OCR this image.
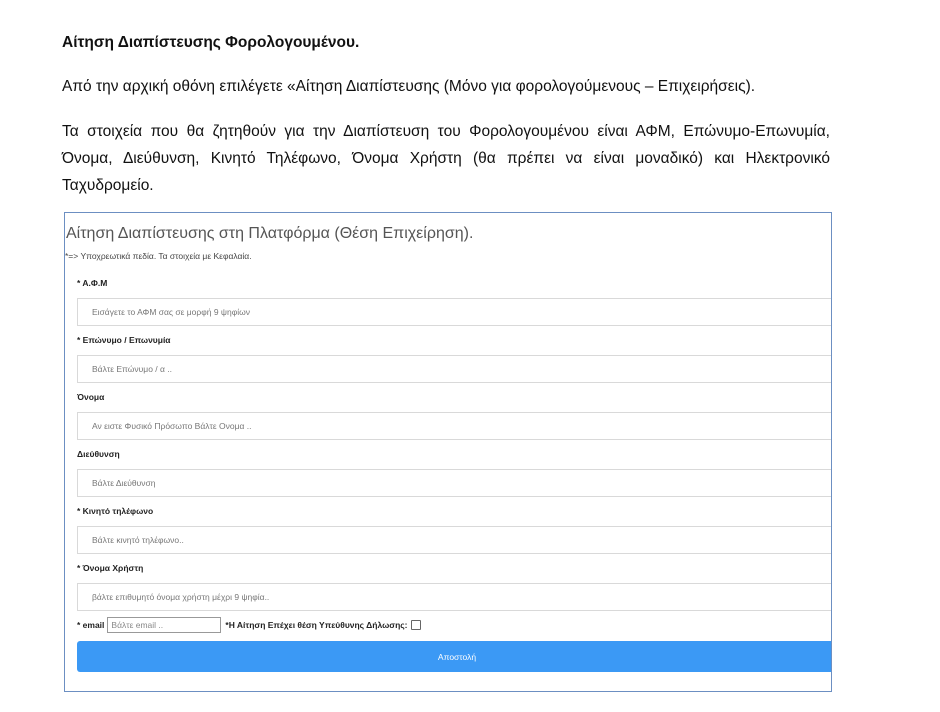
Αίτηση Διαπίστευσης Φορολογουμένου.
Από την αρχική οθόνη επιλέγετε «Αίτηση Διαπίστευσης (Μόνο για φορολογούμενους – Επιχειρήσεις).
Τα στοιχεία που θα ζητηθούν για την Διαπίστευση του Φορολογουμένου είναι ΑΦΜ, Επώνυμο-Επωνυμία, Όνομα, Διεύθυνση, Κινητό Τηλέφωνο, Όνομα Χρήστη (θα πρέπει να είναι μοναδικό) και Ηλεκτρονικό Ταχυδρομείο.
Αίτηση Διαπίστευσης στη Πλατφόρμα (Θέση Επιχείρηση).
*=> Υποχρεωτικά πεδία. Τα στοιχεία με Κεφαλαία.
* Α.Φ.Μ
Εισάγετε το ΑΦΜ σας σε μορφή 9 ψηφίων
* Επώνυμο / Επωνυμία
Βάλτε Επώνυμο / α ..
Όνομα
Αν ειστε Φυσικό Πρόσωπο Βάλτε Ονομα ..
Διεύθυνση
Βάλτε Διεύθυνση
* Κινητό τηλέφωνο
Βάλτε κινητό τηλέφωνο..
* Όνομα Χρήστη
βάλτε επιθυμητό όνομα χρήστη μέχρι 9 ψηφία..
* email Βάλτε email ..	*Η Αίτηση Επέχει θέση Υπεύθυνης Δήλωσης:
Αποστολή
